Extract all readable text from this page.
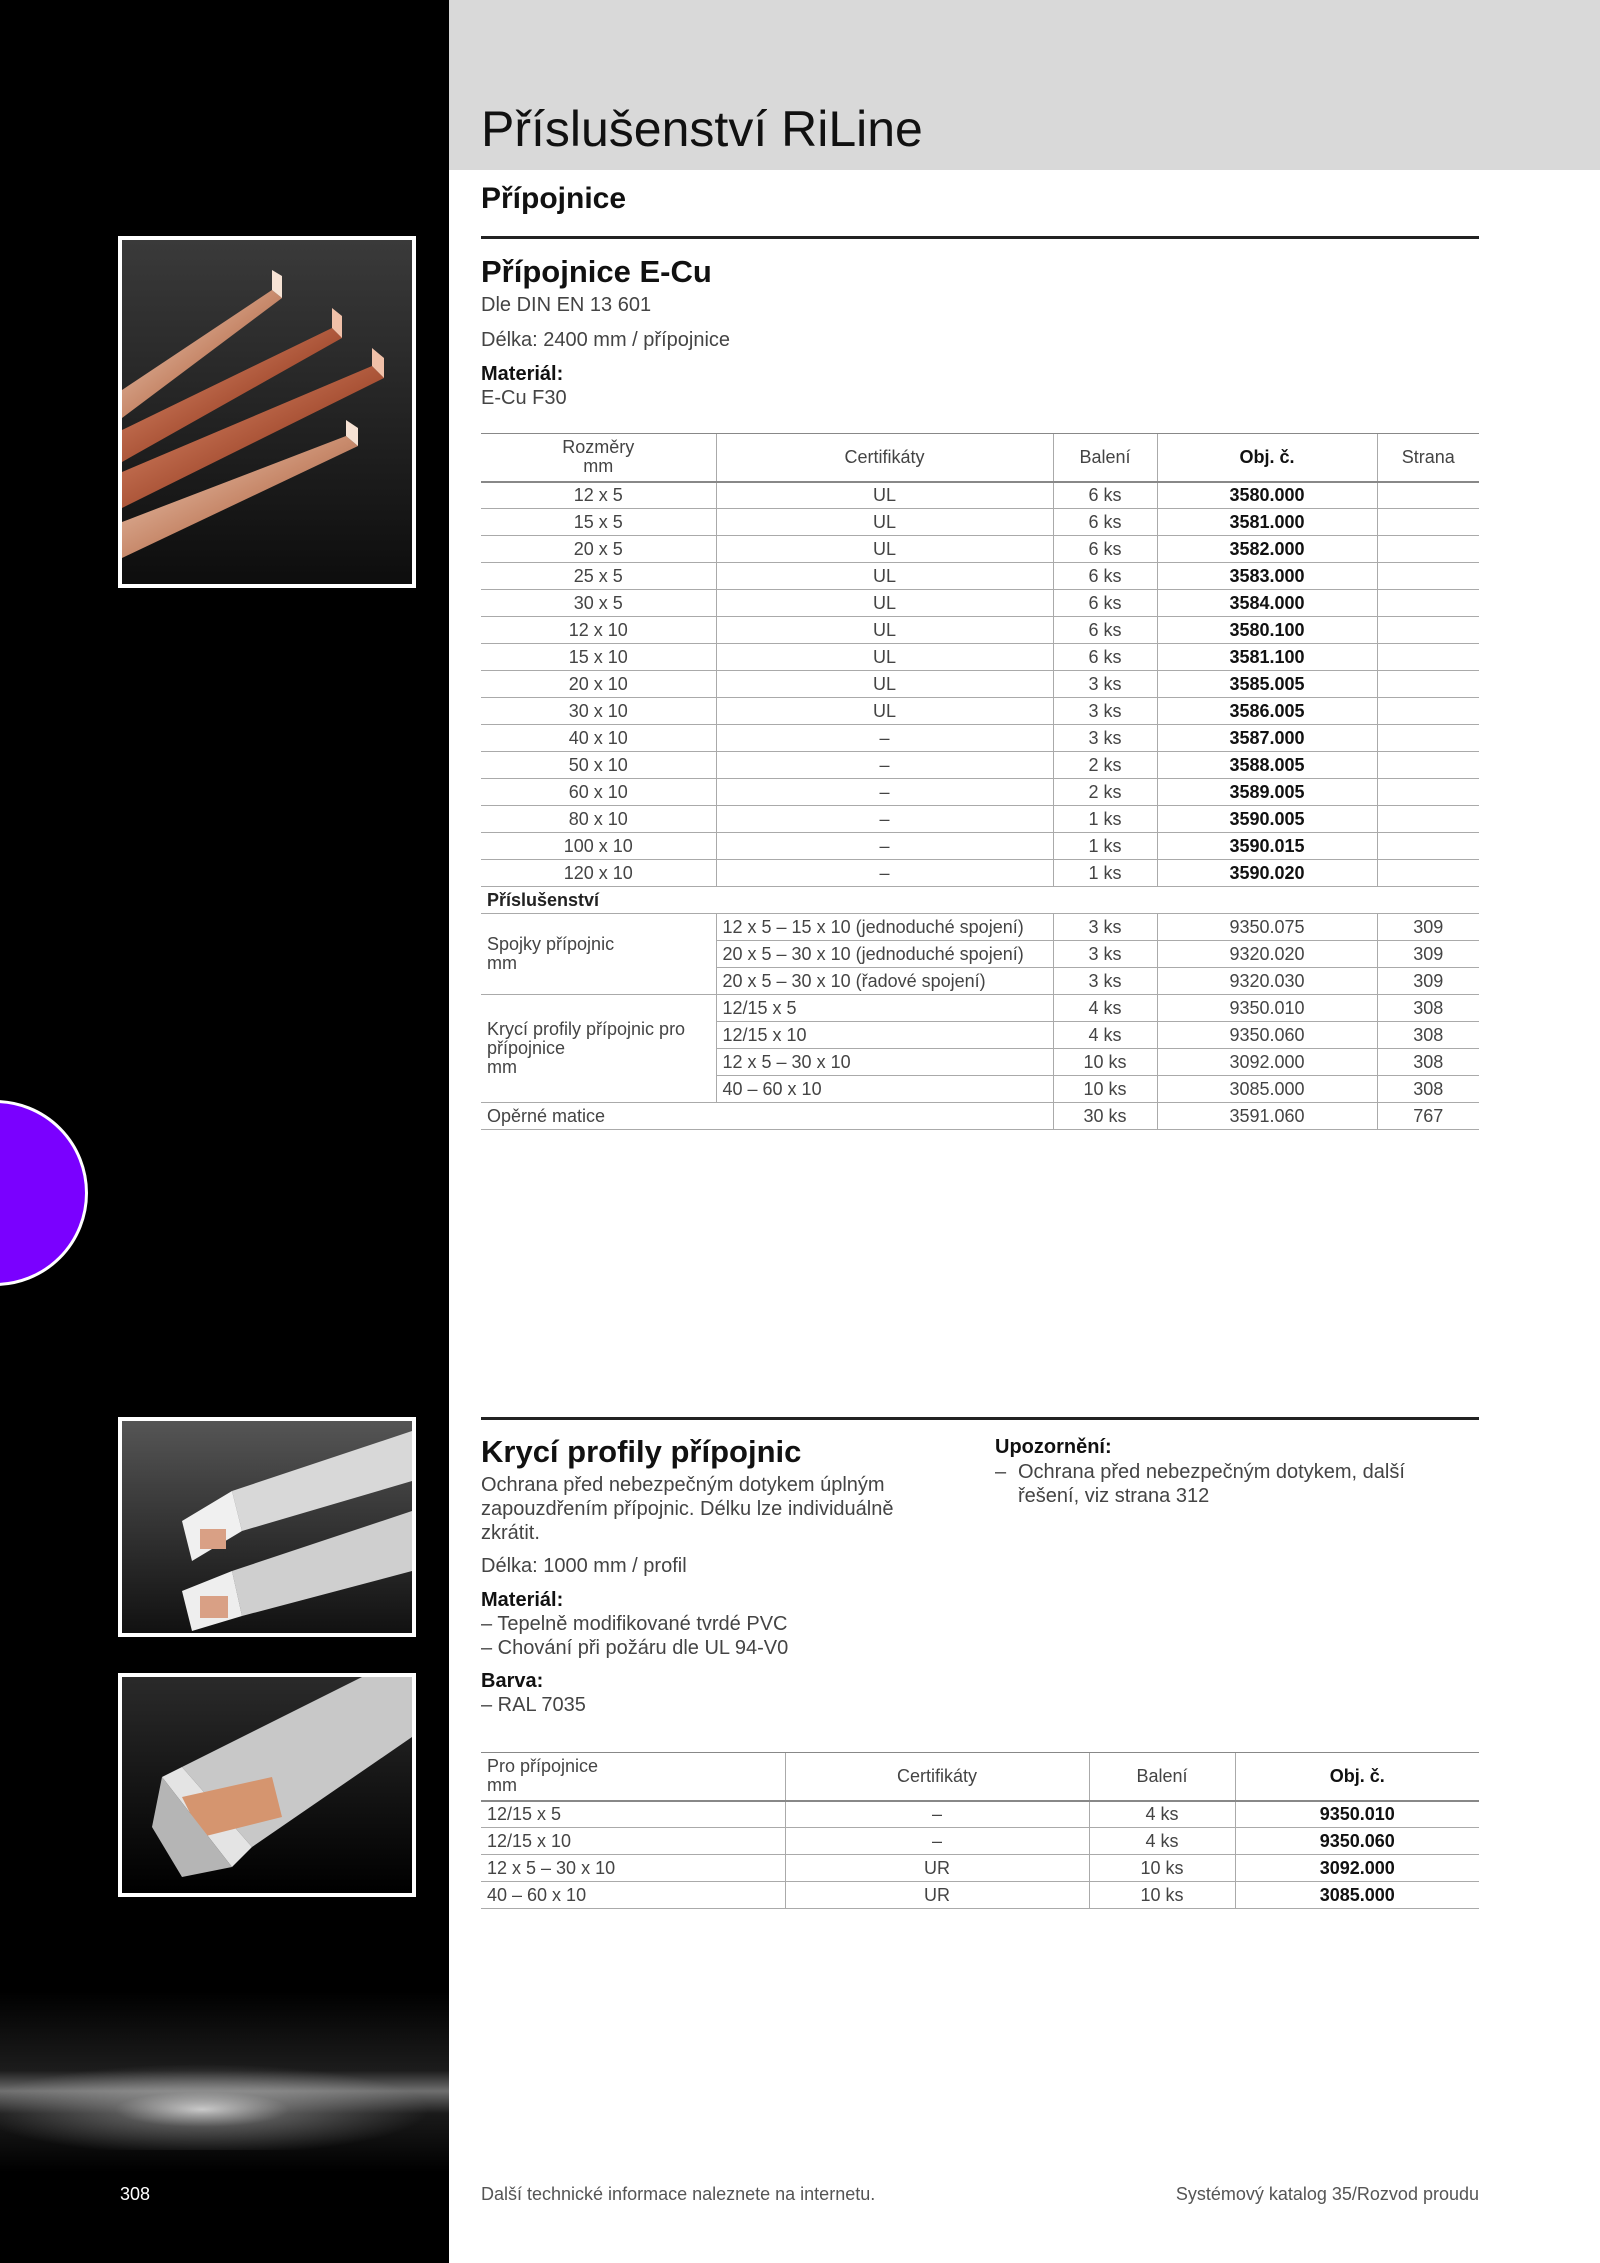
Příslušenství RiLine
Přípojnice
Přípojnice E-Cu

Dle DIN EN 13 601

Délka: 2400 mm / přípojnice

Materiál:

E-Cu F30

Rozměry
mm	Certifikáty	Balení	Obj. č.	Strana
12 x 5	UL	6 ks	3580.000	
15 x 5	UL	6 ks	3581.000	
20 x 5	UL	6 ks	3582.000	
25 x 5	UL	6 ks	3583.000	
30 x 5	UL	6 ks	3584.000	
12 x 10	UL	6 ks	3580.100	
15 x 10	UL	6 ks	3581.100	
20 x 10	UL	3 ks	3585.005	
30 x 10	UL	3 ks	3586.005	
40 x 10	–	3 ks	3587.000	
50 x 10	–	2 ks	3588.005	
60 x 10	–	2 ks	3589.005	
80 x 10	–	1 ks	3590.005	
100 x 10	–	1 ks	3590.015	
120 x 10	–	1 ks	3590.020	
Příslušenství				
Spojky přípojnic
mm	12 x 5 – 15 x 10 (jednoduché spojení)	3 ks	9350.075	309
	20 x 5 – 30 x 10 (jednoduché spojení)	3 ks	9320.020	309
	20 x 5 – 30 x 10 (řadové spojení)	3 ks	9320.030	309
Krycí profily přípojnic pro přípojnice
mm	12/15 x 5	4 ks	9350.010	308
	12/15 x 10	4 ks	9350.060	308
	12 x 5 – 30 x 10	10 ks	3092.000	308
	40 – 60 x 10	10 ks	3085.000	308
Opěrné matice		30 ks	3591.060	767
Krycí profily přípojnic

Ochrana před nebezpečným dotykem úplným zapouzdřením přípojnic. Délku lze individuálně zkrátit.

Délka: 1000 mm / profil

Materiál:

– Tepelně modifikované tvrdé PVC

– Chování při požáru dle UL 94-V0

Barva:

– RAL 7035

Upozornění:

– Ochrana před nebezpečným dotykem, další řešení, viz strana 312

Pro přípojnice
mm	Certifikáty	Balení	Obj. č.
12/15 x 5	–	4 ks	9350.010
12/15 x 10	–	4 ks	9350.060
12 x 5 – 30 x 10	UR	10 ks	3092.000
40 – 60 x 10	UR	10 ks	3085.000

308	Další technické informace naleznete na internetu.	Systémový katalog 35/Rozvod proudu
